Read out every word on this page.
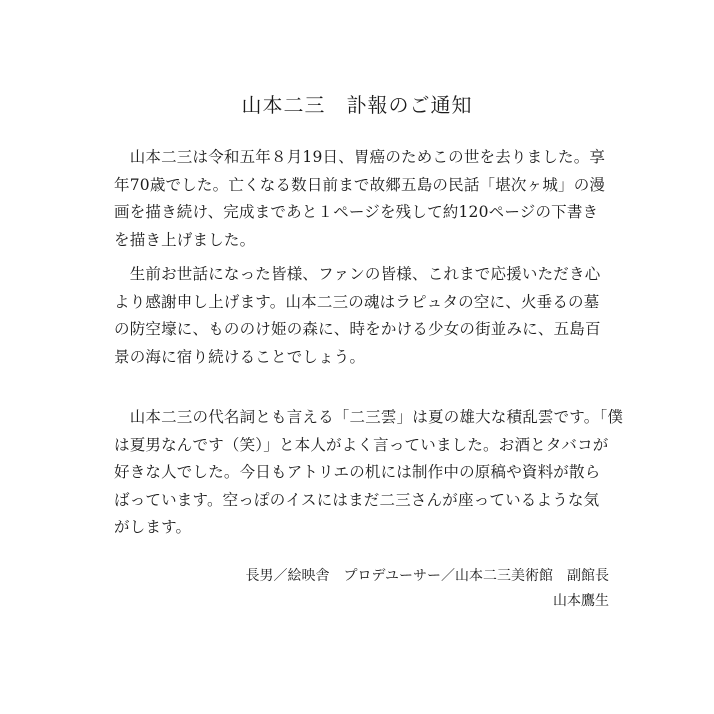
山本二三　訃報のご通知
　山本二三は令和五年８月19日、胃癌のためこの世を去りました。享
年70歳でした。亡くなる数日前まで故郷五島の民話「堪次ヶ城」の漫
画を描き続け、完成まであと１ページを残して約120ページの下書き
を描き上げました。
　生前お世話になった皆様、ファンの皆様、これまで応援いただき心
より感謝申し上げます。山本二三の魂はラピュタの空に、火垂るの墓
の防空壕に、もののけ姫の森に、時をかける少女の街並みに、五島百
景の海に宿り続けることでしょう。
　山本二三の代名詞とも言える「二三雲」は夏の雄大な積乱雲です。「僕
は夏男なんです（笑）」と本人がよく言っていました。お酒とタバコが
好きな人でした。今日もアトリエの机には制作中の原稿や資料が散ら
ばっています。空っぽのイスにはまだ二三さんが座っているような気
がします。
長男／絵映舎　プロデユーサー／山本二三美術館　副館長
山本鷹生
